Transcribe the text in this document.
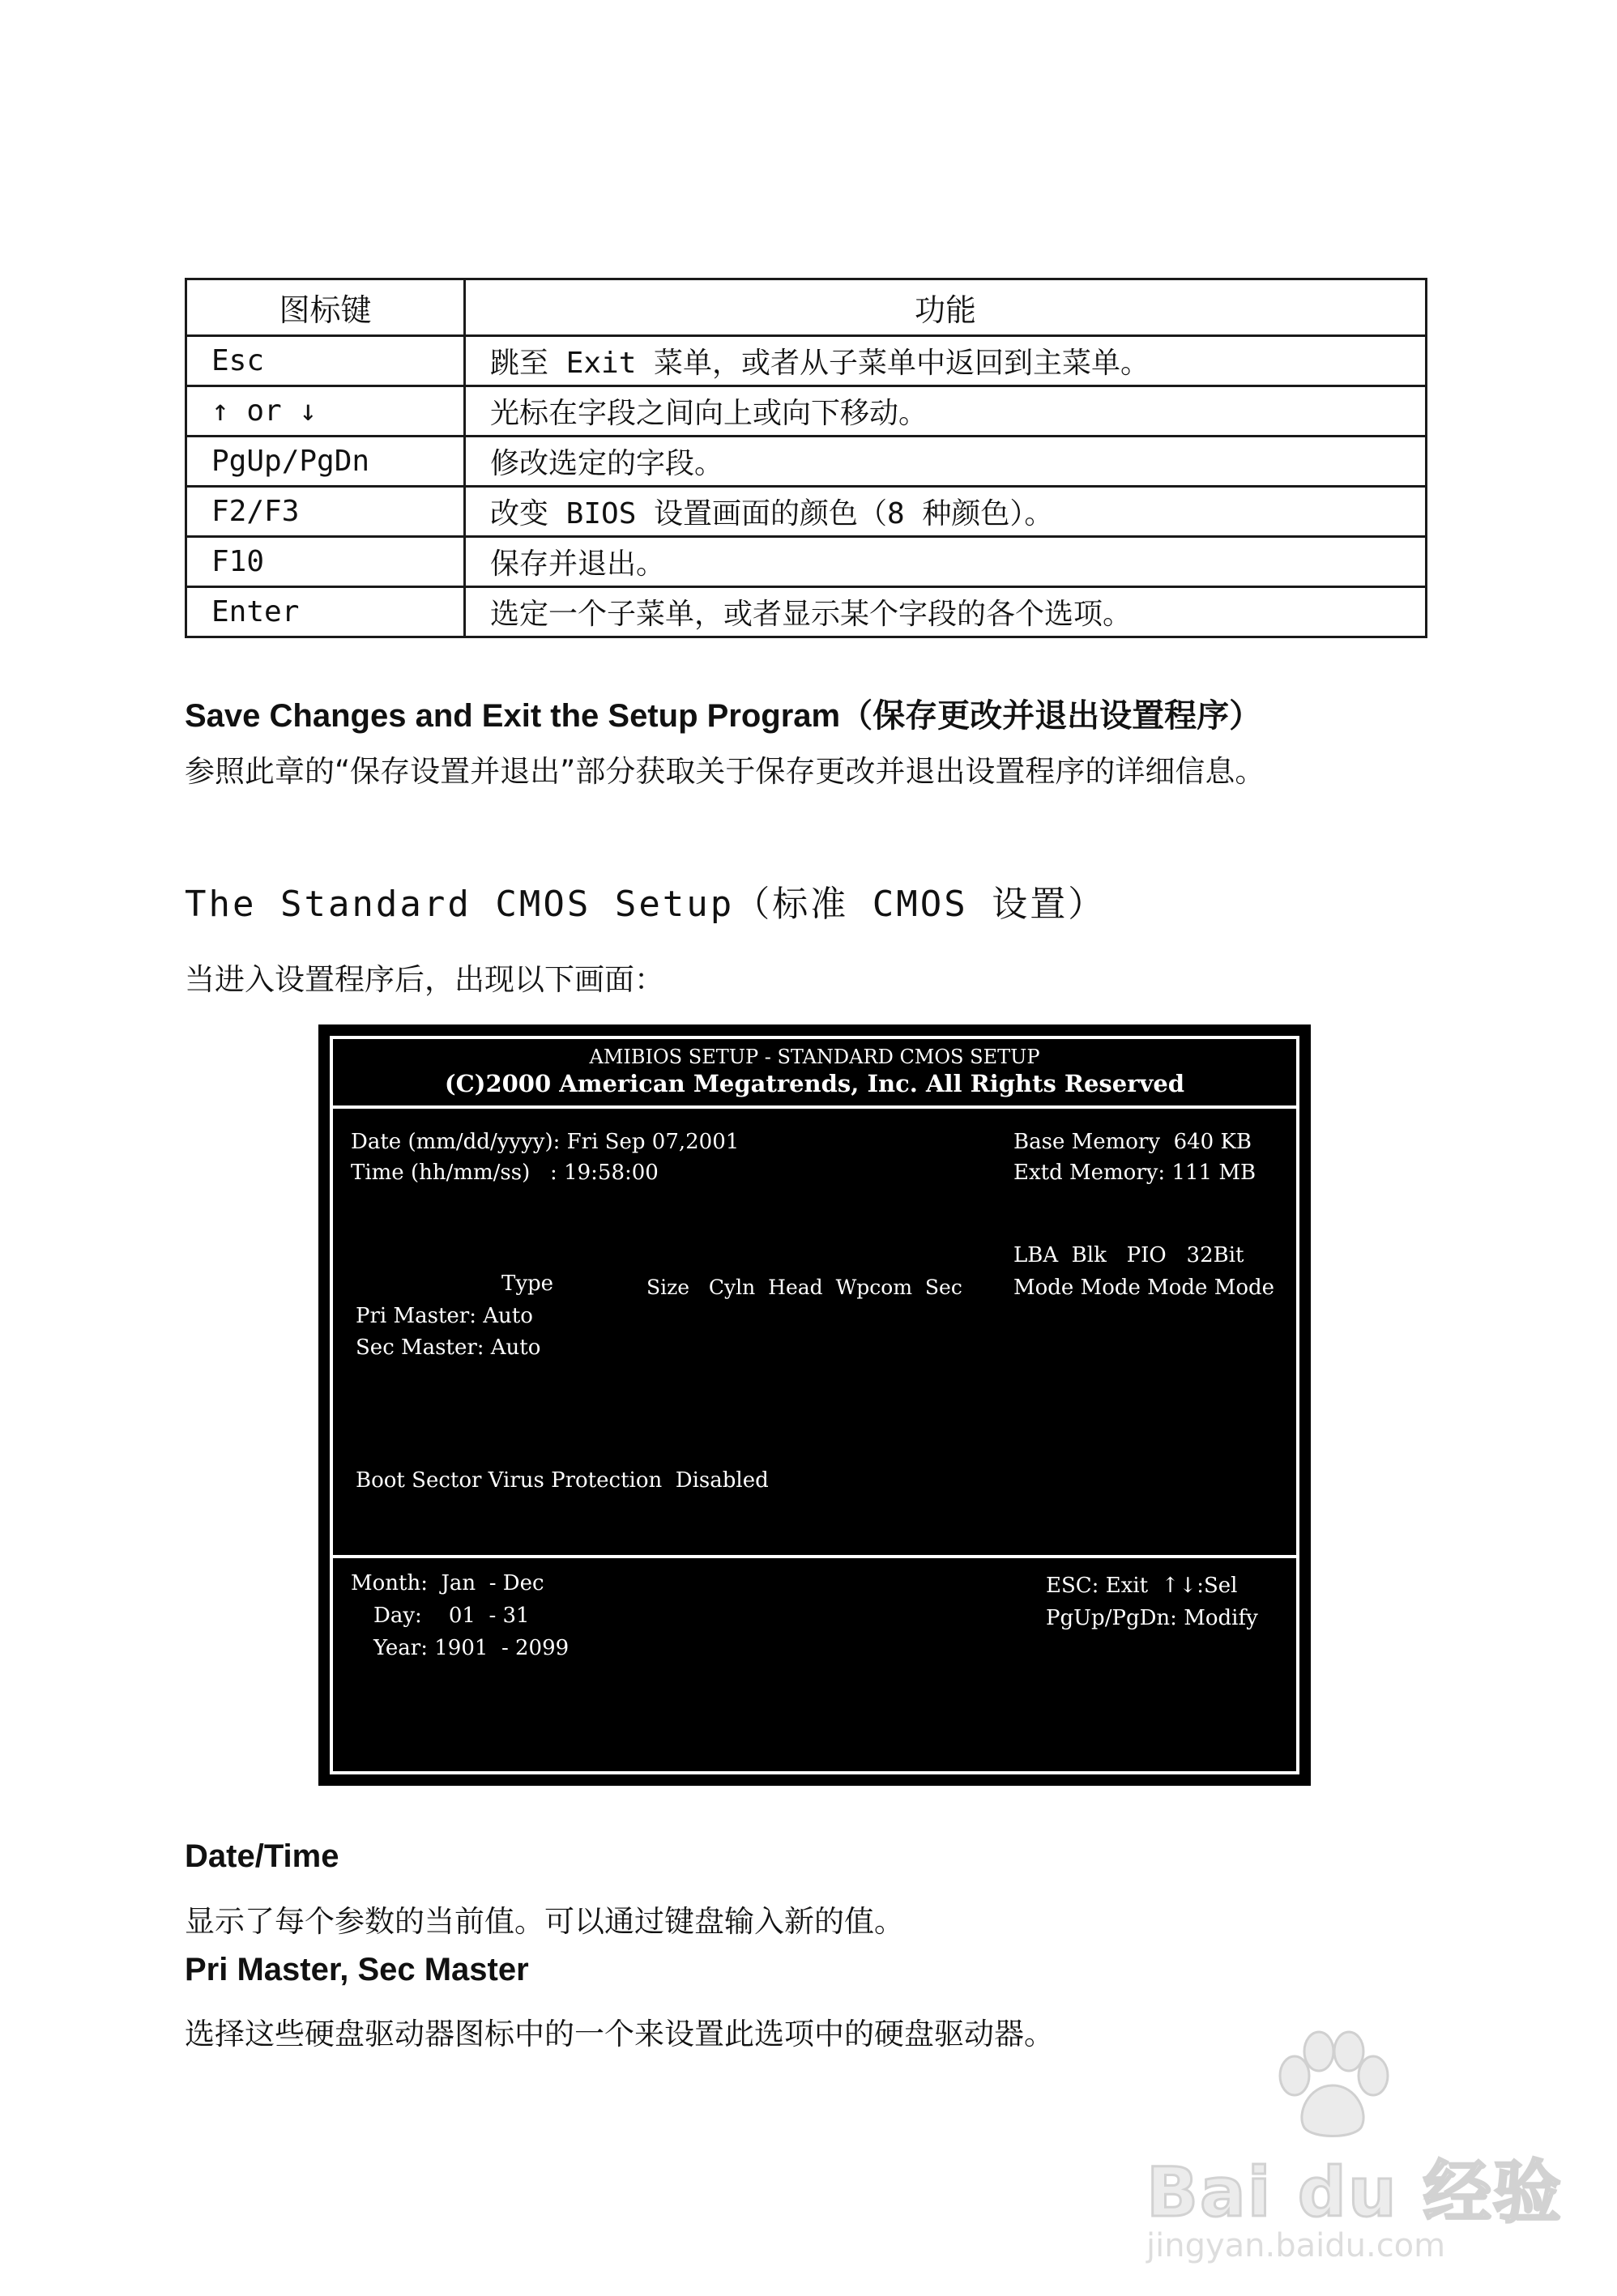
图标键	功能
Esc	跳至 Exit 菜单，或者从子菜单中返回到主菜单。
↑ or ↓	光标在字段之间向上或向下移动。
PgUp/PgDn	修改选定的字段。
F2/F3	改变 BIOS 设置画面的颜色（8 种颜色）。
F10	保存并退出。
Enter	选定一个子菜单，或者显示某个字段的各个选项。
Save Changes and Exit the Setup Program（保存更改并退出设置程序）
参照此章的“保存设置并退出”部分获取关于保存更改并退出设置程序的详细信息。
The Standard CMOS Setup（标准 CMOS 设置）
当进入设置程序后，出现以下画面：
AMIBIOS SETUP - STANDARD CMOS SETUP
(C)2000 American Megatrends, Inc. All Rights Reserved
Date (mm/dd/yyyy): Fri Sep 07,2001
Time (hh/mm/ss)   : 19:58:00
Base Memory  640 KB
Extd Memory: 111 MB
LBA  Blk   PIO   32Bit
Type	Size   Cyln  Head  Wpcom  Sec Mode Mode Mode Mode
Pri Master: Auto
Sec Master: Auto
Boot Sector Virus Protection  Disabled
Month:  Jan  - Dec
Day:    01  - 31
Year: 1901  - 2099
ESC: Exit  ↑↓:Sel
PgUp/PgDn: Modify
Date/Time
显示了每个参数的当前值。可以通过键盘输入新的值。
Pri Master, Sec Master
选择这些硬盘驱动器图标中的一个来设置此选项中的硬盘驱动器。
Bai du 经验
jingyan.baidu.com
